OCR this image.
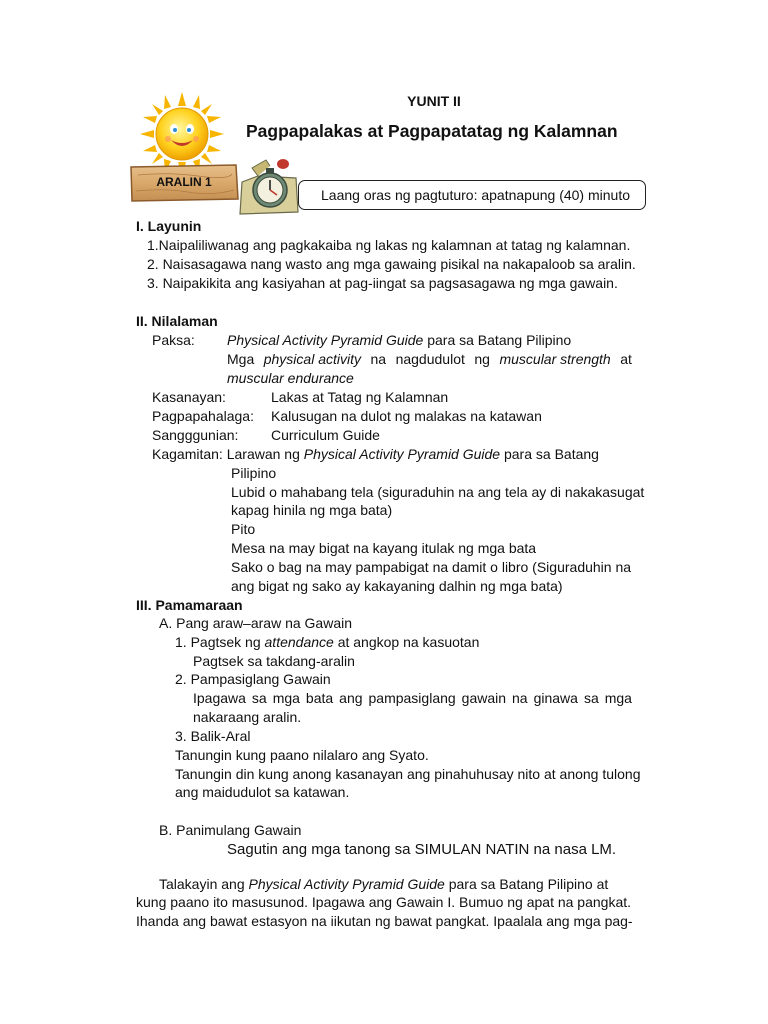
YUNIT II
Pagpapalakas at Pagpapatatag ng Kalamnan
ARALIN 1
Laang oras ng pagtuturo: apatnapung (40) minuto
I. Layunin
1.Naipaliliwanag ang pagkakaiba ng lakas ng kalamnan at tatag ng kalamnan.
2. Naisasagawa nang wasto ang mga gawaing pisikal na nakapaloob sa aralin.
3. Naipakikita ang kasiyahan at pag-iingat sa pagsasagawa ng mga gawain.
II. Nilalaman
Paksa: Physical Activity Pyramid Guide para sa Batang Pilipino
Mga physical activity na nagdudulot ng muscular strength at
muscular endurance
Kasanayan:	Lakas at Tatag ng Kalamnan
Pagpapahalaga: Kalusugan na dulot ng malakas na katawan
Sangggunian: Curriculum Guide
Kagamitan: Larawan ng Physical Activity Pyramid Guide para sa Batang
Pilipino
Lubid o mahabang tela (siguraduhin na ang tela ay di nakakasugat
kapag hinila ng mga bata)
Pito
Mesa na may bigat na kayang itulak ng mga bata
Sako o bag na may pampabigat na damit o libro (Siguraduhin na
ang bigat ng sako ay kakayaning dalhin ng mga bata)
III. Pamamaraan
A. Pang araw–araw na Gawain
1. Pagtsek ng attendance at angkop na kasuotan
Pagtsek sa takdang-aralin
2. Pampasiglang Gawain
Ipagawa sa mga bata ang pampasiglang gawain na ginawa sa mga
nakaraang aralin.
3. Balik-Aral
Tanungin kung paano nilalaro ang Syato.
Tanungin din kung anong kasanayan ang pinahuhusay nito at anong tulong
ang maidudulot sa katawan.
B. Panimulang Gawain
Sagutin ang mga tanong sa SIMULAN NATIN na nasa LM.
Talakayin ang Physical Activity Pyramid Guide para sa Batang Pilipino at
kung paano ito masusunod. Ipagawa ang Gawain I. Bumuo ng apat na pangkat.
Ihanda ang bawat estasyon na iikutan ng bawat pangkat. Ipaalala ang mga pag-
